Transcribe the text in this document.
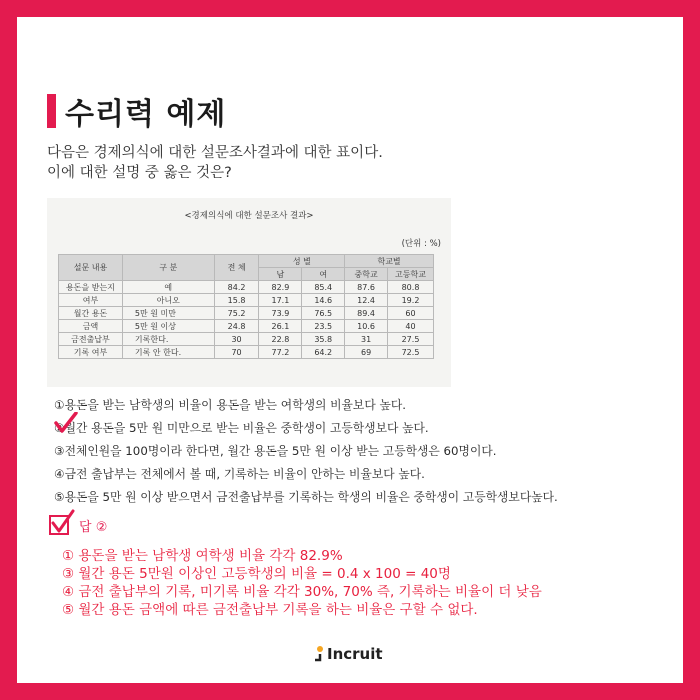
수리력 예제
다음은 경제의식에 대한 설문조사결과에 대한 표이다.
이에 대한 설명 중 옳은 것은?
<경제의식에 대한 설문조사 결과>
(단위 : %)
설문 내용	구 분	전 체	성 별		학교별	
			남	여	중학교	고등학교
용돈을 받는지	예	84.2	82.9	85.4	87.6	80.8
여부	아니오	15.8	17.1	14.6	12.4	19.2
월간 용돈	5만 원 미만	75.2	73.9	76.5	89.4	60
금액	5만 원 이상	24.8	26.1	23.5	10.6	40
금전출납부	기록한다.	30	22.8	35.8	31	27.5
기록 여부	기록 안 한다.	70	77.2	64.2	69	72.5
①용돈을 받는 남학생의 비율이 용돈을 받는 여학생의 비율보다 높다.
②월간 용돈을 5만 원 미만으로 받는 비율은 중학생이 고등학생보다 높다.
③전체인원을 100명이라 한다면, 월간 용돈을 5만 원 이상 받는 고등학생은 60명이다.
④금전 출납부는 전체에서 볼 때, 기록하는 비율이 안하는 비율보다 높다.
⑤용돈을 5만 원 이상 받으면서 금전출납부를 기록하는 학생의 비율은 중학생이 고등학생보다높다.
답 ②
① 용돈을 받는 남학생 여학생 비율 각각 82.9%
③ 월간 용돈 5만원 이상인 고등학생의 비율 = 0.4 x 100 = 40명
④ 금전 출납부의 기록, 미기록 비율 각각 30%, 70% 즉, 기록하는 비율이 더 낮음
⑤ 월간 용돈 금액에 따른 금전출납부 기록을 하는 비율은 구할 수 없다.
Incruit
